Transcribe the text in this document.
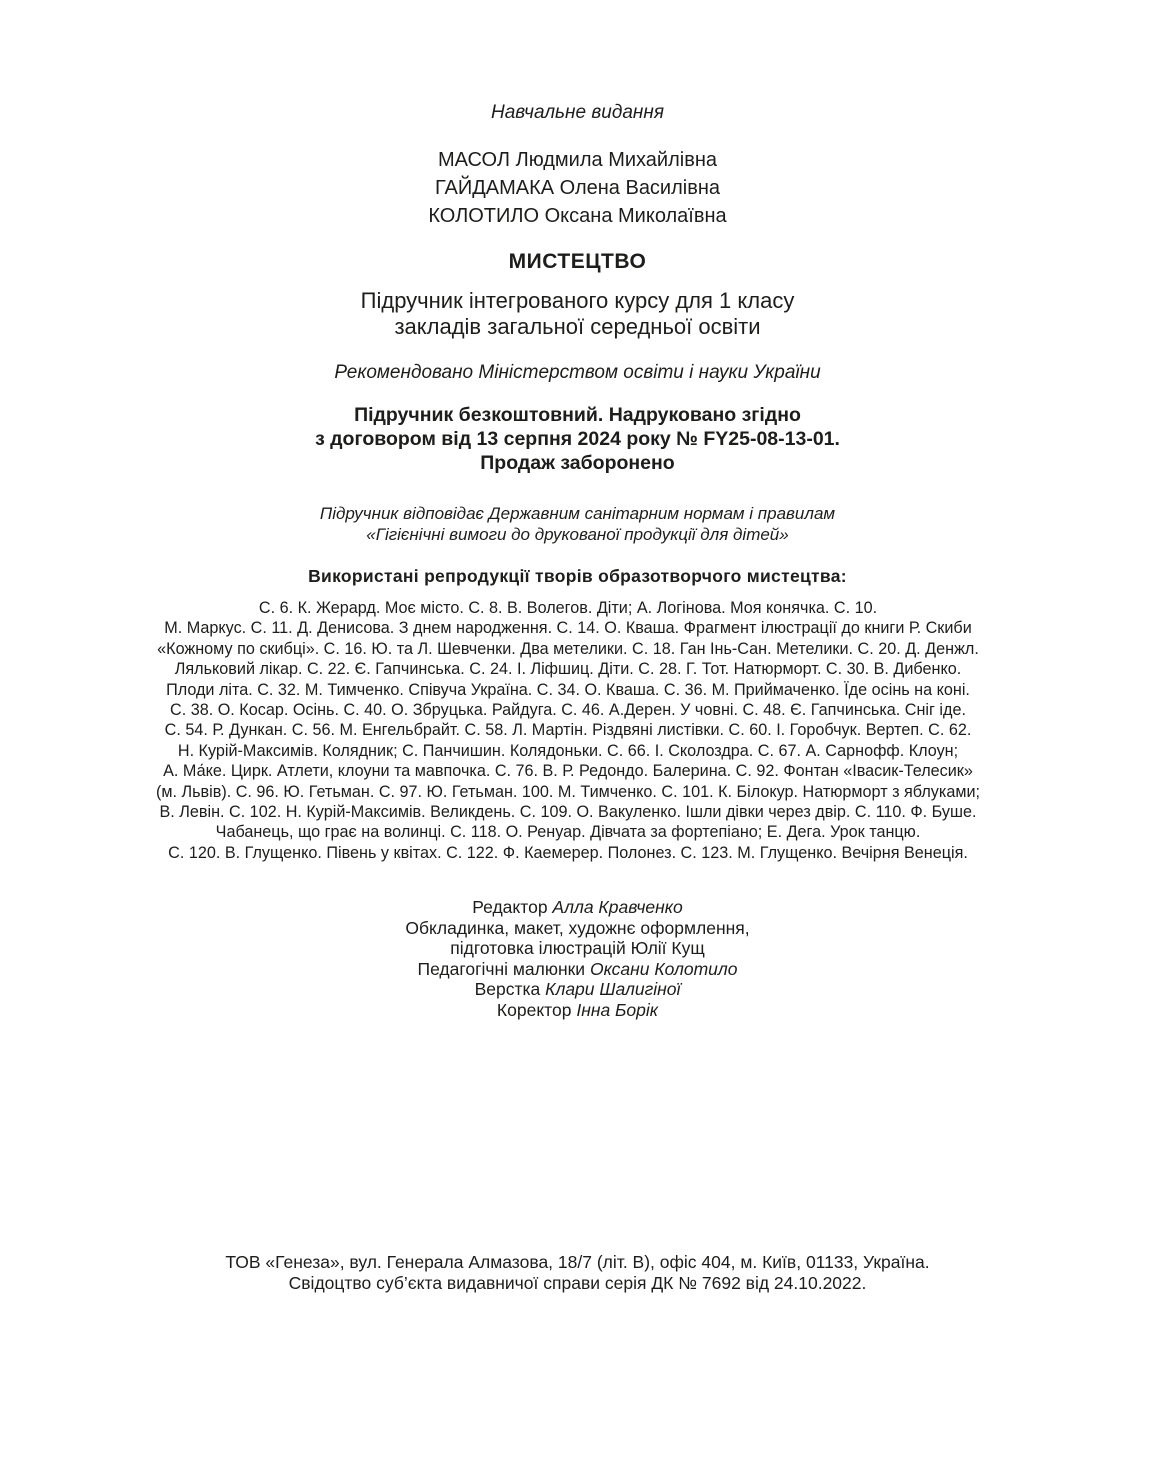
Навчальне видання
МАСОЛ Людмила Михайлівна
ГАЙДАМАКА Олена Василівна
КОЛОТИЛО Оксана Миколаївна
МИСТЕЦТВО
Підручник інтегрованого курсу для 1 класу
закладів загальної середньої освіти
Рекомендовано Міністерством освіти і науки України
Підручник безкоштовний. Надруковано згідно
з договором від 13 серпня 2024 року № FY25-08-13-01.
Продаж заборонено
Підручник відповідає Державним санітарним нормам і правилам
«Гігієнічні вимоги до друкованої продукції для дітей»
Використані репродукції творів образотворчого мистецтва:
С. 6. К. Жерард. Моє місто. С. 8. В. Волегов. Діти; А. Логінова. Моя конячка. С. 10.
М. Маркус. С. 11. Д. Денисова. З днем народження. С. 14. О. Кваша. Фрагмент ілюстрації до книги Р. Скиби
«Кожному по скибці». С. 16. Ю. та Л. Шевченки. Два метелики. С. 18. Ган Інь-Сан. Метелики. С. 20. Д. Денжл.
Ляльковий лікар. С. 22. Є. Гапчинська. С. 24. І. Ліфшиц. Діти. С. 28. Г. Тот. Натюрморт. С. 30. В. Дибенко.
Плоди літа. С. 32. М. Тимченко. Співуча Україна. С. 34. О. Кваша. С. 36. М. Приймаченко. Їде осінь на коні.
С. 38. О. Косар. Осінь. С. 40. О. Збруцька. Райдуга. С. 46. А.Дерен. У човні. С. 48. Є. Гапчинська. Сніг іде.
С. 54. Р. Дункан. С. 56. М. Енгельбрайт. С. 58. Л. Мартін. Різдвяні листівки. С. 60. І. Горобчук. Вертеп. С. 62.
Н. Курій-Максимів. Колядник; С. Панчишин. Колядоньки. С. 66. І. Сколоздра. С. 67. А. Сарнофф. Клоун;
А. Ма́ке. Цирк. Атлети, клоуни та мавпочка. С. 76. В. Р. Редондо. Балерина. С. 92. Фонтан «Івасик-Телесик»
(м. Львів). С. 96. Ю. Гетьман. С. 97. Ю. Гетьман. 100. М. Тимченко. С. 101. К. Білокур. Натюрморт з яблуками;
В. Левін. С. 102. Н. Курій-Максимів. Великдень. С. 109. О. Вакуленко. Ішли дівки через двір. С. 110. Ф. Буше.
Чабанець, що грає на волинці. С. 118. О. Ренуар. Дівчата за фортепіано; Е. Дега. Урок танцю.
С. 120. В. Глущенко. Півень у квітах. С. 122. Ф. Каемерер. Полонез. С. 123. М. Глущенко. Вечірня Венеція.
Редактор Алла Кравченко
Обкладинка, макет, художнє оформлення,
підготовка ілюстрацій Юлії Кущ
Педагогічні малюнки Оксани Колотило
Верстка Клари Шалигіної
Коректор Інна Борік
ТОВ «Генеза», вул. Генерала Алмазова, 18/7 (літ. В), офіс 404, м. Київ, 01133, Україна.
Свідоцтво суб’єкта видавничої справи серія ДК № 7692 від 24.10.2022.
